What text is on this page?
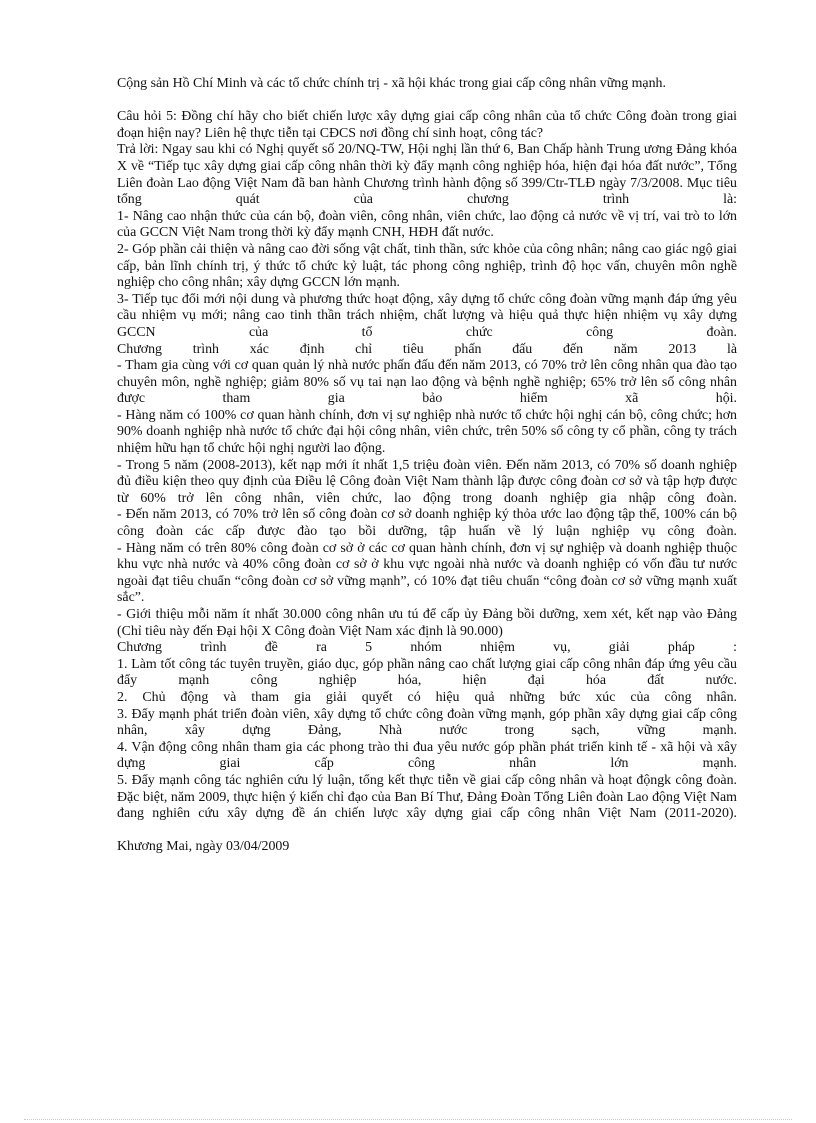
Cộng sản Hồ Chí Minh và các tổ chức chính trị - xã hội khác trong giai cấp công nhân vững mạnh.

Câu hỏi 5: Đồng chí hãy cho biết chiến lược xây dựng giai cấp công nhân của tổ chức Công đoàn trong giai đoạn hiện nay? Liên hệ thực tiễn tại CĐCS nơi đồng chí sinh hoạt, công tác?

Trả lời: Ngay sau khi có Nghị quyết số 20/NQ-TW, Hội nghị lần thứ 6, Ban Chấp hành Trung ương Đảng khóa X về “Tiếp tục xây dựng giai cấp công nhân thời kỳ đẩy mạnh công nghiệp hóa, hiện đại hóa đất nước”, Tổng Liên đoàn Lao động Việt Nam đã ban hành Chương trình hành động số 399/Ctr-TLĐ ngày 7/3/2008. Mục tiêu tổng quát của chương trình là:

1- Nâng cao nhận thức của cán bộ, đoàn viên, công nhân, viên chức, lao động cả nước về vị trí, vai trò to lớn của GCCN Việt Nam trong thời kỳ đẩy mạnh CNH, HĐH đất nước.

2- Góp phần cải thiện và nâng cao đời sống vật chất, tinh thần, sức khỏe của công nhân; nâng cao giác ngộ giai cấp, bản lĩnh chính trị, ý thức tổ chức kỷ luật, tác phong công nghiệp, trình độ học vấn, chuyên môn nghề nghiệp cho công nhân; xây dựng GCCN lớn mạnh.

3- Tiếp tục đổi mới nội dung và phương thức hoạt động, xây dựng tổ chức công đoàn vững mạnh đáp ứng yêu cầu nhiệm vụ mới; nâng cao tinh thần trách nhiệm, chất lượng và hiệu quả thực hiện nhiệm vụ xây dựng GCCN của tổ chức công đoàn.

Chương trình xác định chỉ tiêu phấn đấu đến năm 2013 là

- Tham gia cùng với cơ quan quản lý nhà nước phấn đấu đến năm 2013, có 70% trở lên công nhân qua đào tạo chuyên môn, nghề nghiệp; giảm 80% số vụ tai nạn lao động và bệnh nghề nghiệp; 65% trở lên số công nhân được tham gia bảo hiểm xã hội.

- Hàng năm có 100% cơ quan hành chính, đơn vị sự nghiệp nhà nước tổ chức hội nghị cán bộ, công chức; hơn 90% doanh nghiệp nhà nước tổ chức đại hội công nhân, viên chức, trên 50% số công ty cổ phần, công ty trách nhiệm hữu hạn tổ chức hội nghị người lao động.

- Trong 5 năm (2008-2013), kết nạp mới ít nhất 1,5 triệu đoàn viên. Đến năm 2013, có 70% số doanh nghiệp đủ điều kiện theo quy định của Điều lệ Công đoàn Việt Nam thành lập được công đoàn cơ sở và tập hợp được từ 60% trở lên công nhân, viên chức, lao động trong doanh nghiệp gia nhập công đoàn.

- Đến năm 2013, có 70% trở lên số công đoàn cơ sở doanh nghiệp ký thỏa ước lao động tập thể, 100% cán bộ công đoàn các cấp được đào tạo bồi dưỡng, tập huấn về lý luận nghiệp vụ công đoàn.

- Hàng năm có trên 80% công đoàn cơ sở ở các cơ quan hành chính, đơn vị sự nghiệp và doanh nghiệp thuộc khu vực nhà nước và 40% công đoàn cơ sở ở khu vực ngoài nhà nước và doanh nghiệp có vốn đầu tư nước ngoài đạt tiêu chuẩn “công đoàn cơ sở vững mạnh”, có 10% đạt tiêu chuẩn “công đoàn cơ sở vững mạnh xuất sắc”.

- Giới thiệu mỗi năm ít nhất 30.000 công nhân ưu tú để cấp ủy Đảng bồi dưỡng, xem xét, kết nạp vào Đảng (Chỉ tiêu này đến Đại hội X Công đoàn Việt Nam xác định là 90.000)

Chương trình đề ra 5 nhóm nhiệm vụ, giải pháp :

1. Làm tốt công tác tuyên truyền, giáo dục, góp phần nâng cao chất lượng giai cấp công nhân đáp ứng yêu cầu đẩy mạnh công nghiệp hóa, hiện đại hóa đất nước.

2. Chủ động và tham gia giải quyết có hiệu quả những bức xúc của công nhân.

3. Đẩy mạnh phát triển đoàn viên, xây dựng tổ chức công đoàn vững mạnh, góp phần xây dựng giai cấp công nhân, xây dựng Đảng, Nhà nước trong sạch, vững mạnh.

4. Vận động công nhân tham gia các phong trào thi đua yêu nước góp phần phát triển kinh tế - xã hội và xây dựng giai cấp công nhân lớn mạnh.

5. Đẩy mạnh công tác nghiên cứu lý luận, tổng kết thực tiễn về giai cấp công nhân và hoạt độngk công đoàn.

Đặc biệt, năm 2009, thực hiện ý kiến chỉ đạo của Ban Bí Thư, Đảng Đoàn Tổng Liên đoàn Lao động Việt Nam đang nghiên cứu xây dựng đề án chiến lược xây dựng giai cấp công nhân Việt Nam (2011-2020).

Khương Mai, ngày 03/04/2009
